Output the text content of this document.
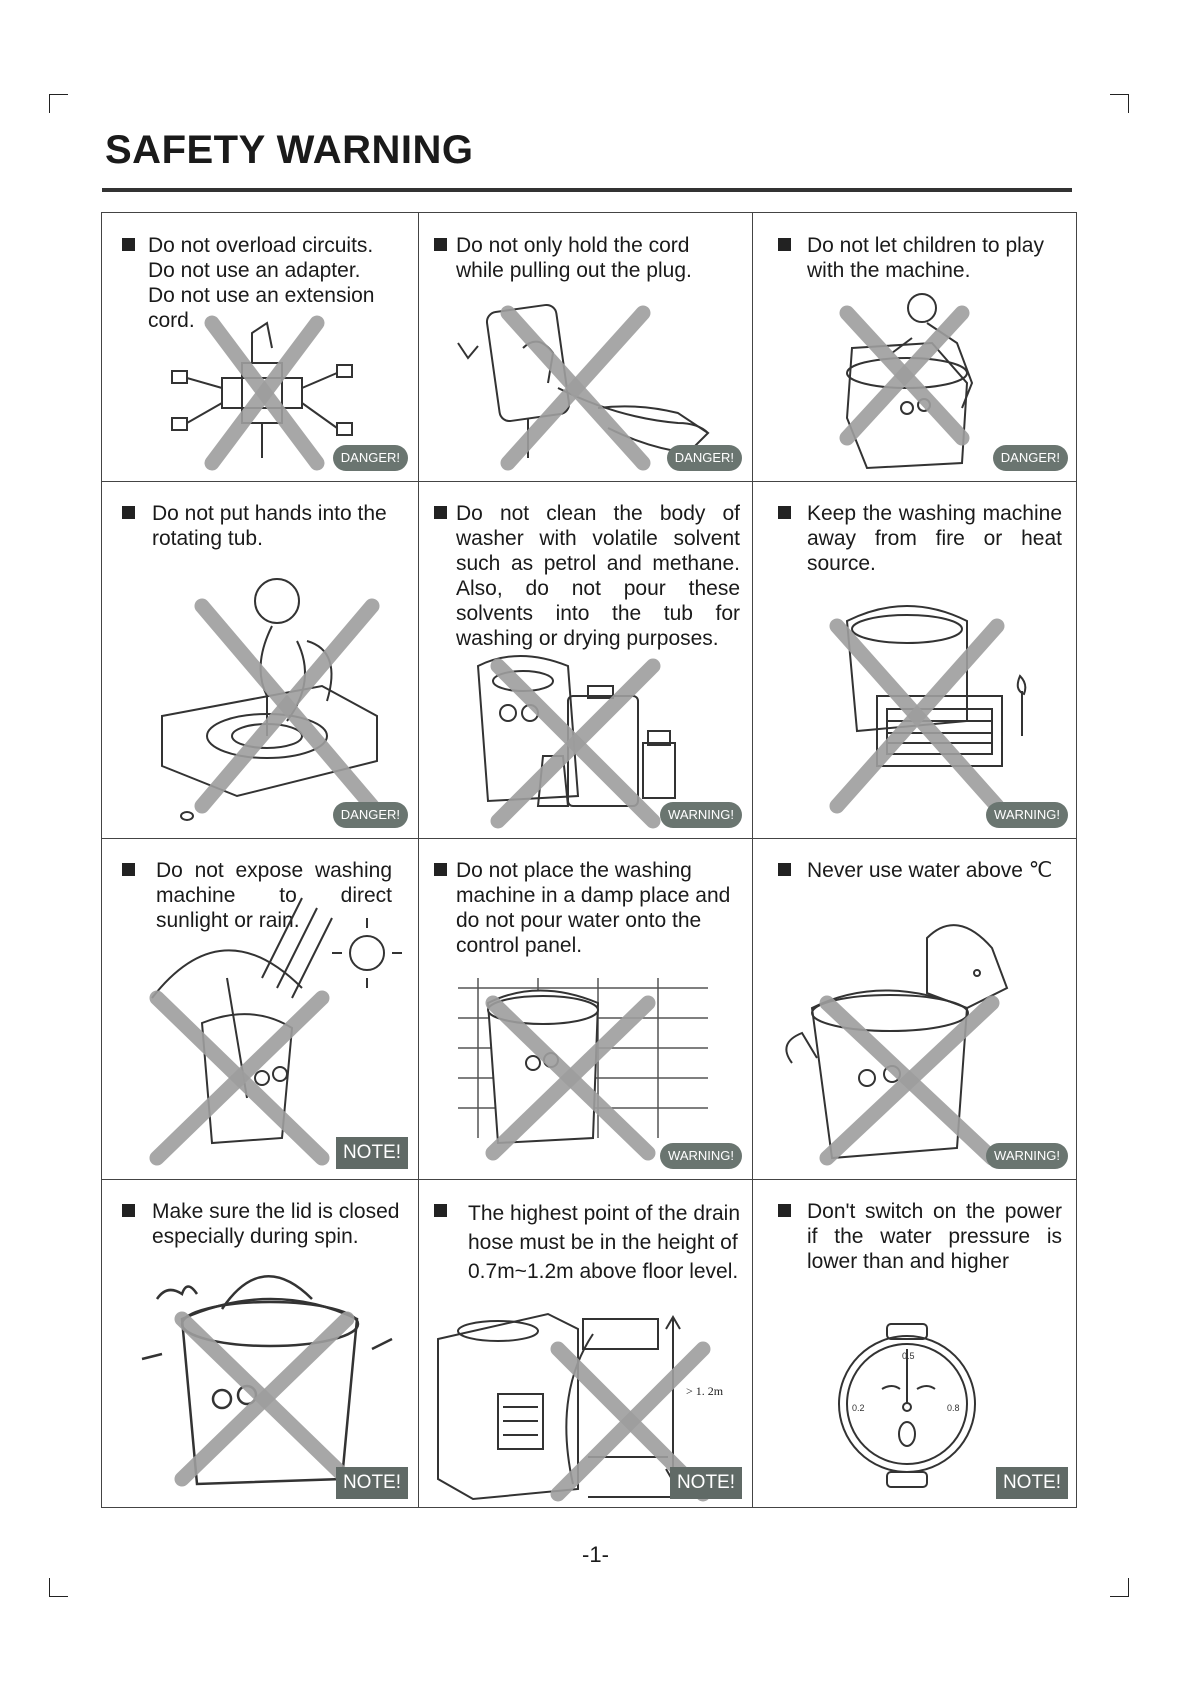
SAFETY WARNING
Do not overload circuits. Do not use an adapter. Do not use an extension cord.
DANGER!
Do not only hold the cord while pulling out the plug.
DANGER!
Do not let children to play with the machine.
DANGER!
Do not put hands into the rotating tub.
DANGER!
Do not clean the body of washer with volatile solvent such as petrol and methane. Also, do not pour these solvents into the tub for washing or drying purposes.
WARNING!
Keep the washing machine away from fire or heat source.
WARNING!
Do not expose washing machine to direct sunlight or rain.
NOTE!
Do not place the washing machine in a damp place and do not pour water onto the control panel.
WARNING!
Never use water above ℃
WARNING!
Make sure the lid is closed especially during spin.
NOTE!
The highest point of the drain hose must be in the height of 0.7m~1.2m above floor level.
> 1. 2m
NOTE!
Don't switch on the power if the water pressure is lower than and higher
0.5
0.2	0.8
NOTE!
-1-
